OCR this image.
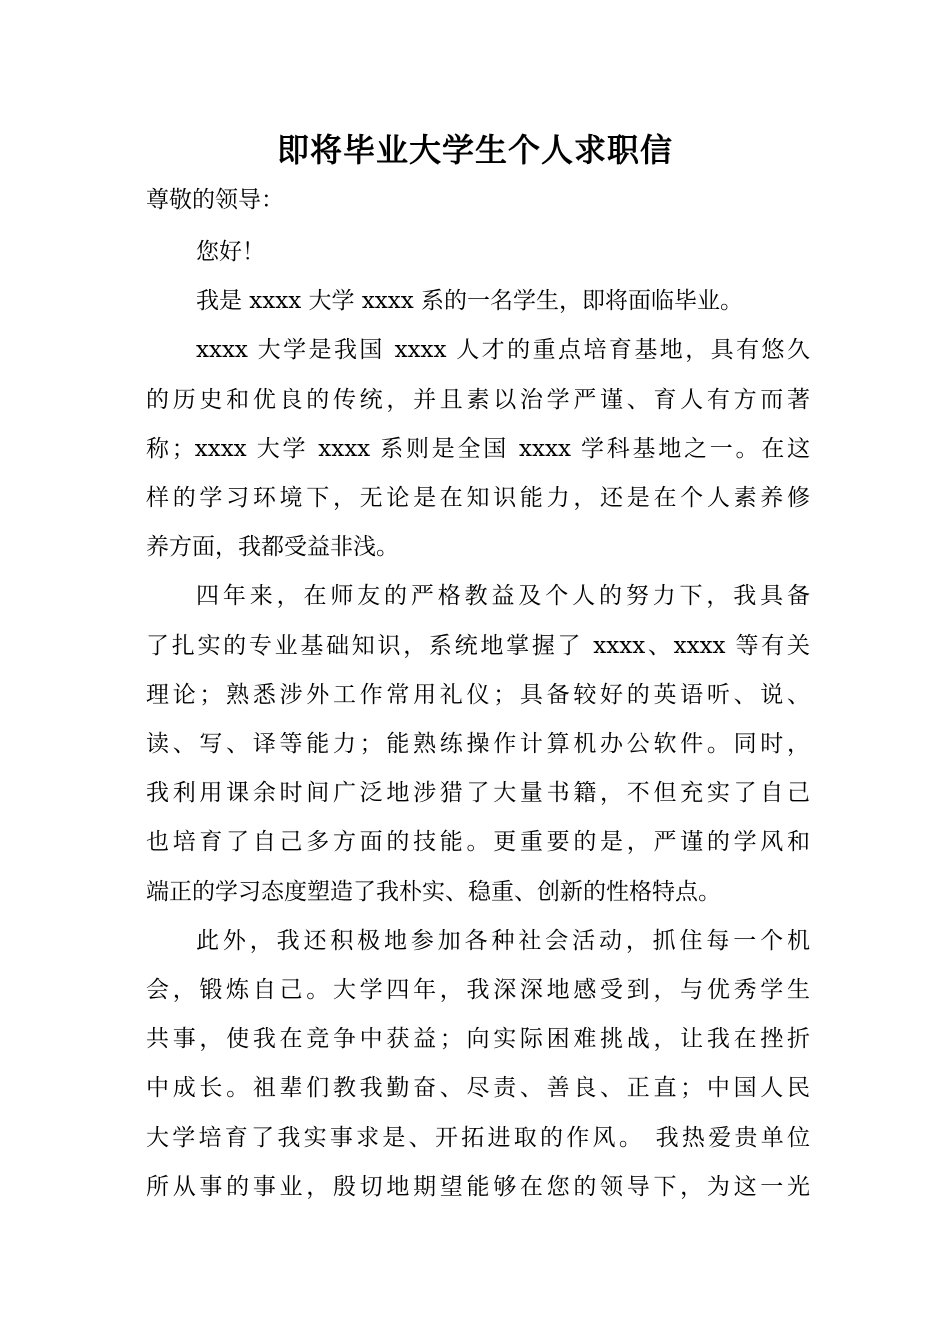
即将毕业大学生个人求职信
尊敬的领导：

您好！

我是 xxxx 大学 xxxx 系的一名学生，即将面临毕业。

xxxx 大学是我国 xxxx 人才的重点培育基地，具有悠久
的历史和优良的传统，并且素以治学严谨、育人有方而著
称；xxxx 大学 xxxx 系则是全国 xxxx 学科基地之一。在这
样的学习环境下，无论是在知识能力，还是在个人素养修
养方面，我都受益非浅。

四年来，在师友的严格教益及个人的努力下，我具备
了扎实的专业基础知识，系统地掌握了 xxxx、xxxx 等有关
理论；熟悉涉外工作常用礼仪；具备较好的英语听、说、
读、写、译等能力；能熟练操作计算机办公软件。同时，
我利用课余时间广泛地涉猎了大量书籍，不但充实了自己
也培育了自己多方面的技能。更重要的是，严谨的学风和
端正的学习态度塑造了我朴实、稳重、创新的性格特点。

此外，我还积极地参加各种社会活动，抓住每一个机
会，锻炼自己。大学四年，我深深地感受到，与优秀学生
共事，使我在竞争中获益；向实际困难挑战，让我在挫折
中成长。祖辈们教我勤奋、尽责、善良、正直；中国人民
大学培育了我实事求是、开拓进取的作风。 我热爱贵单位
所从事的事业，殷切地期望能够在您的领导下，为这一光
